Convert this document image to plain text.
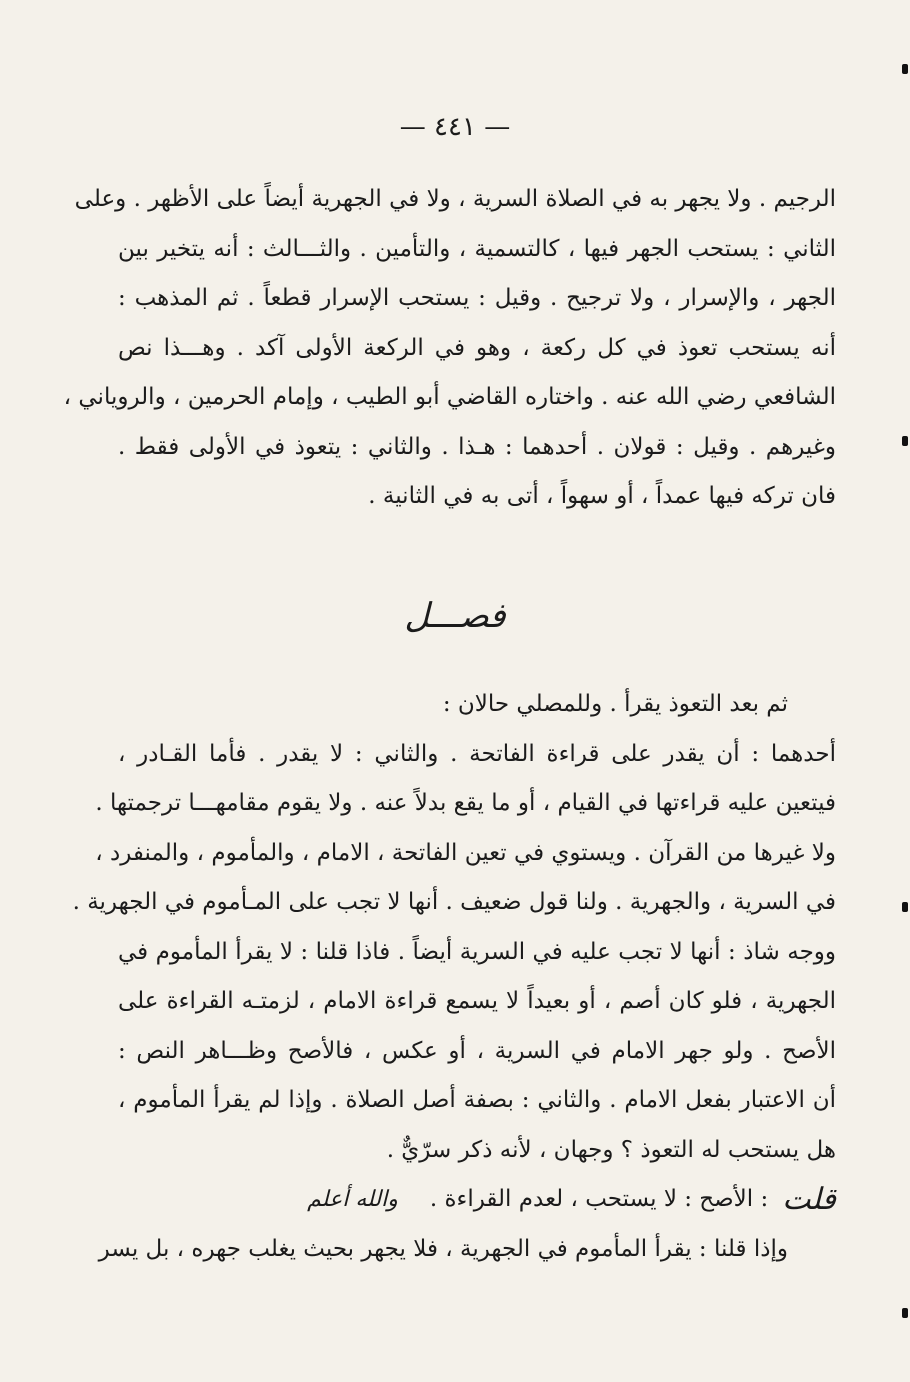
— ٤٤١ —
الرجيم . ولا يجهر به في الصلاة السرية ، ولا في الجهرية أيضاً على الأظهر . وعلى
الثاني : يستحب الجهر فيها ، كالتسمية ، والتأمين . والثـــالث : أنه يتخير بين
الجهر ، والإسرار ، ولا ترجيح . وقيل : يستحب الإسرار قطعاً . ثم المذهب :
أنه يستحب تعوذ في كل ركعة ، وهو في الركعة الأولى آكد . وهـــذا نص
الشافعي رضي الله عنه . واختاره القاضي أبو الطيب ، وإمام الحرمين ، والروياني ،
وغيرهم . وقيل : قولان . أحدهما : هـذا . والثاني : يتعوذ في الأولى فقط .
فان تركه فيها عمداً ، أو سهواً ، أتى به في الثانية .
فصـــل
ثم بعد التعوذ يقرأ . وللمصلي حالان :
أحدهما : أن يقدر على قراءة الفاتحة . والثاني : لا يقدر . فأما القـادر ،
فيتعين عليه قراءتها في القيام ، أو ما يقع بدلاً عنه . ولا يقوم مقامهـــا ترجمتها .
ولا غيرها من القرآن . ويستوي في تعين الفاتحة ، الامام ، والمأموم ، والمنفرد ،
في السرية ، والجهرية . ولنا قول ضعيف . أنها لا تجب على المـأموم في الجهرية .
ووجه شاذ : أنها لا تجب عليه في السرية أيضاً . فاذا قلنا : لا يقرأ المأموم في
الجهرية ، فلو كان أصم ، أو بعيداً لا يسمع قراءة الامام ، لزمتـه القراءة على
الأصح . ولو جهر الامام في السرية ، أو عكس ، فالأصح وظـــاهر النص :
أن الاعتبار بفعل الامام . والثاني : بصفة أصل الصلاة . وإذا لم يقرأ المأموم ،
هل يستحب له التعوذ ؟ وجهان ، لأنه ذكر سرّيٌّ .
قلت
: الأصح : لا يستحب ، لعدم القراءة .
والله أعلم
وإذا قلنا : يقرأ المأموم في الجهرية ، فلا يجهر بحيث يغلب جهره ، بل يسر
